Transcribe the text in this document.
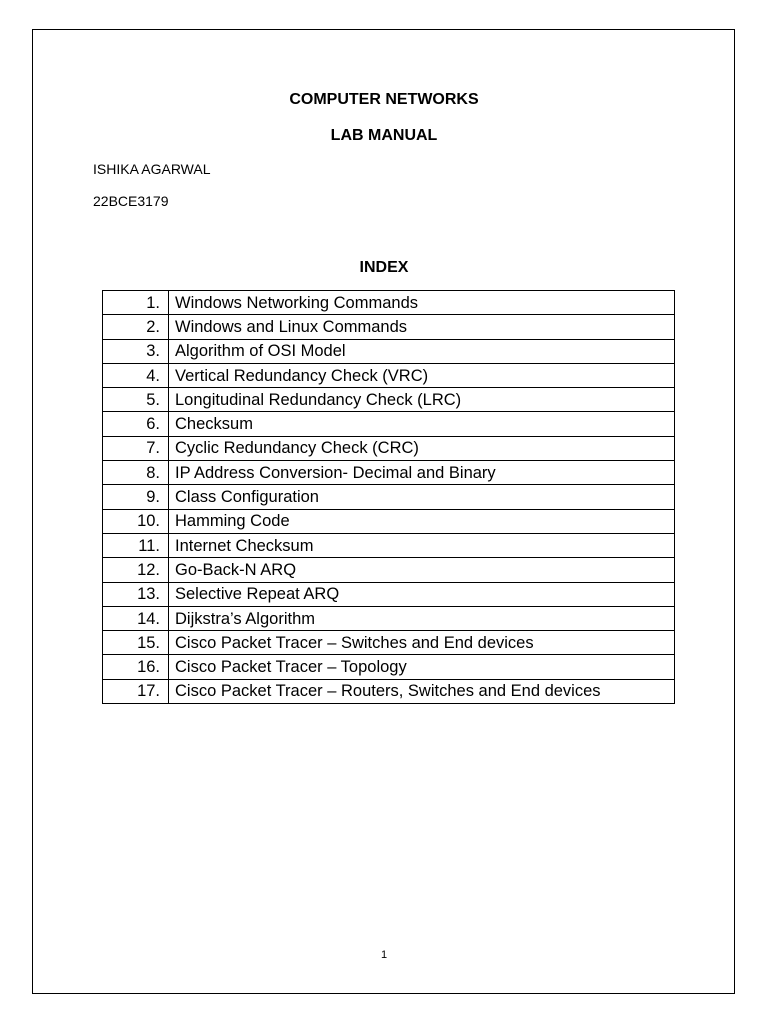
COMPUTER NETWORKS
LAB MANUAL
ISHIKA AGARWAL
22BCE3179
INDEX
1.	Windows Networking Commands
2.	Windows and Linux Commands
3.	Algorithm of OSI Model
4.	Vertical Redundancy Check (VRC)
5.	Longitudinal Redundancy Check (LRC)
6.	Checksum
7.	Cyclic Redundancy Check (CRC)
8.	IP Address Conversion- Decimal and Binary
9.	Class Configuration
10.	Hamming Code
11.	Internet Checksum
12.	Go-Back-N ARQ
13.	Selective Repeat ARQ
14.	Dijkstra’s Algorithm
15.	Cisco Packet Tracer – Switches and End devices
16.	Cisco Packet Tracer – Topology
17.	Cisco Packet Tracer – Routers, Switches and End devices
1
